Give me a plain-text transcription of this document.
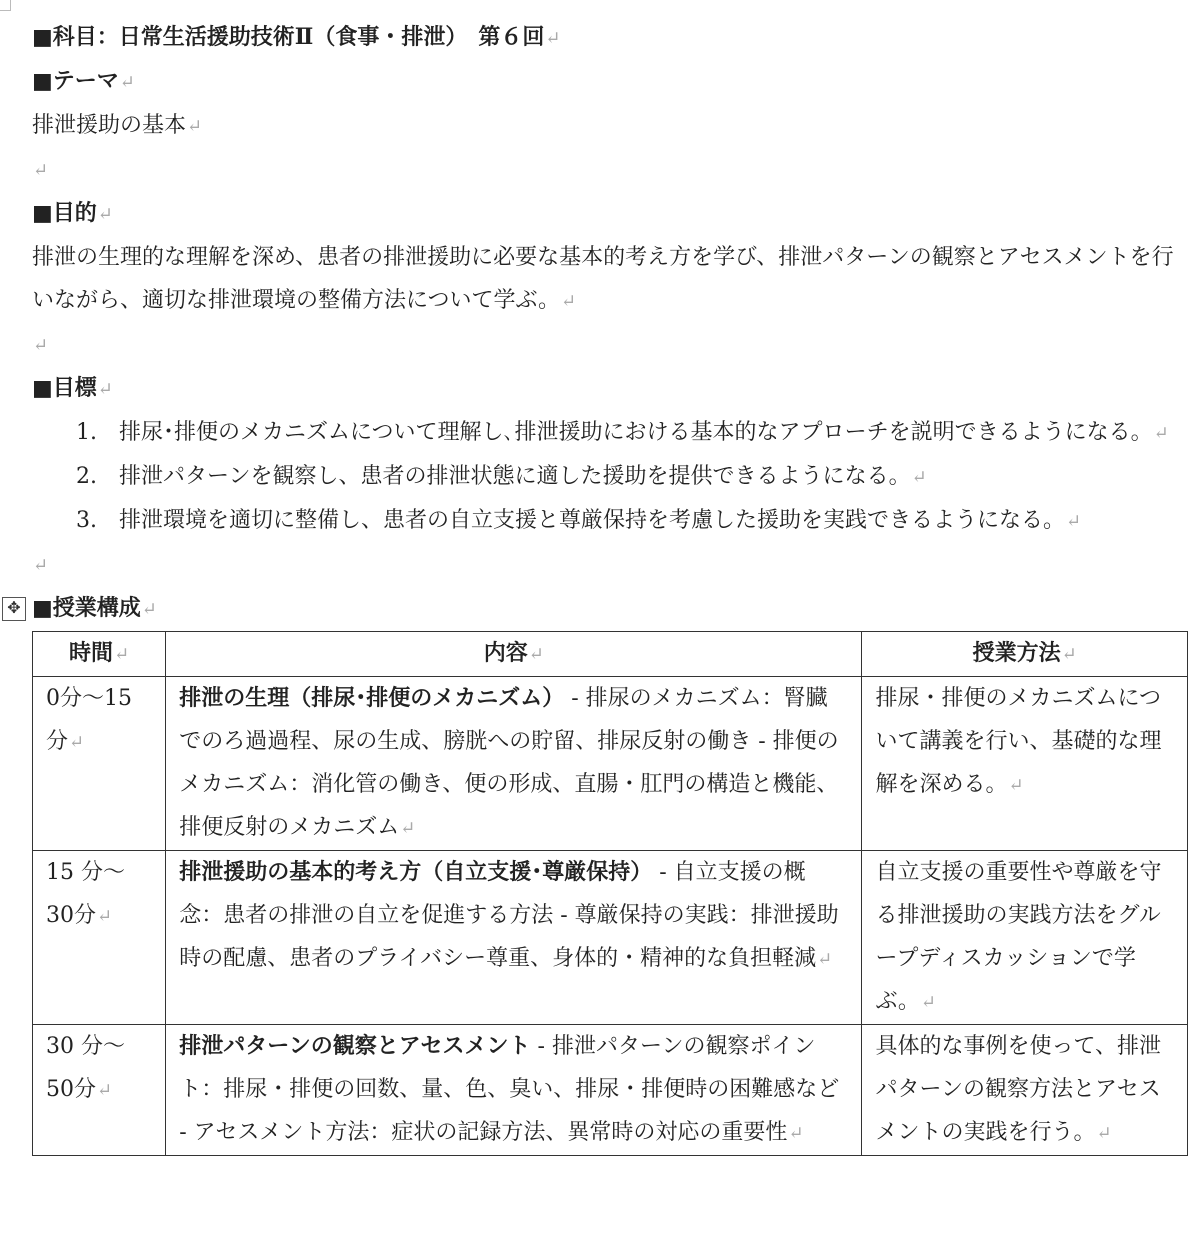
■科目：日常生活援助技術Ⅱ（食事・排泄）　第６回↵
■テーマ↵
排泄援助の基本↵
↵
■目的↵
排泄の生理的な理解を深め、患者の排泄援助に必要な基本的考え方を学び、排泄パターンの観察とアセスメントを行いながら、適切な排泄環境の整備方法について学ぶ。↵
↵
■目標↵
1. 排尿･排便のメカニズムについて理解し､排泄援助における基本的なアプローチを説明できるようになる。↵
2. 排泄パターンを観察し、患者の排泄状態に適した援助を提供できるようになる。↵
3. 排泄環境を適切に整備し、患者の自立支援と尊厳保持を考慮した援助を実践できるようになる。↵
↵
✥ ■授業構成↵
時間↵	内容↵	授業方法↵
0分～15分↵	排泄の生理（排尿･排便のメカニズム） - 排尿のメカニズム：腎臓でのろ過過程、尿の生成、膀胱への貯留、排尿反射の働き - 排便のメカニズム：消化管の働き、便の形成、直腸・肛門の構造と機能、排便反射のメカニズム↵	排尿・排便のメカニズムについて講義を行い、基礎的な理解を深める。↵
15 分～30分↵	排泄援助の基本的考え方（自立支援･尊厳保持） - 自立支援の概念：患者の排泄の自立を促進する方法 - 尊厳保持の実践：排泄援助時の配慮、患者のプライバシー尊重、身体的・精神的な負担軽減↵	自立支援の重要性や尊厳を守る排泄援助の実践方法をグループディスカッションで学ぶ。↵
30 分～50分↵	排泄パターンの観察とアセスメント - 排泄パターンの観察ポイント：排尿・排便の回数、量、色、臭い、排尿・排便時の困難感など - アセスメント方法：症状の記録方法、異常時の対応の重要性↵	具体的な事例を使って、排泄パターンの観察方法とアセスメントの実践を行う。↵
